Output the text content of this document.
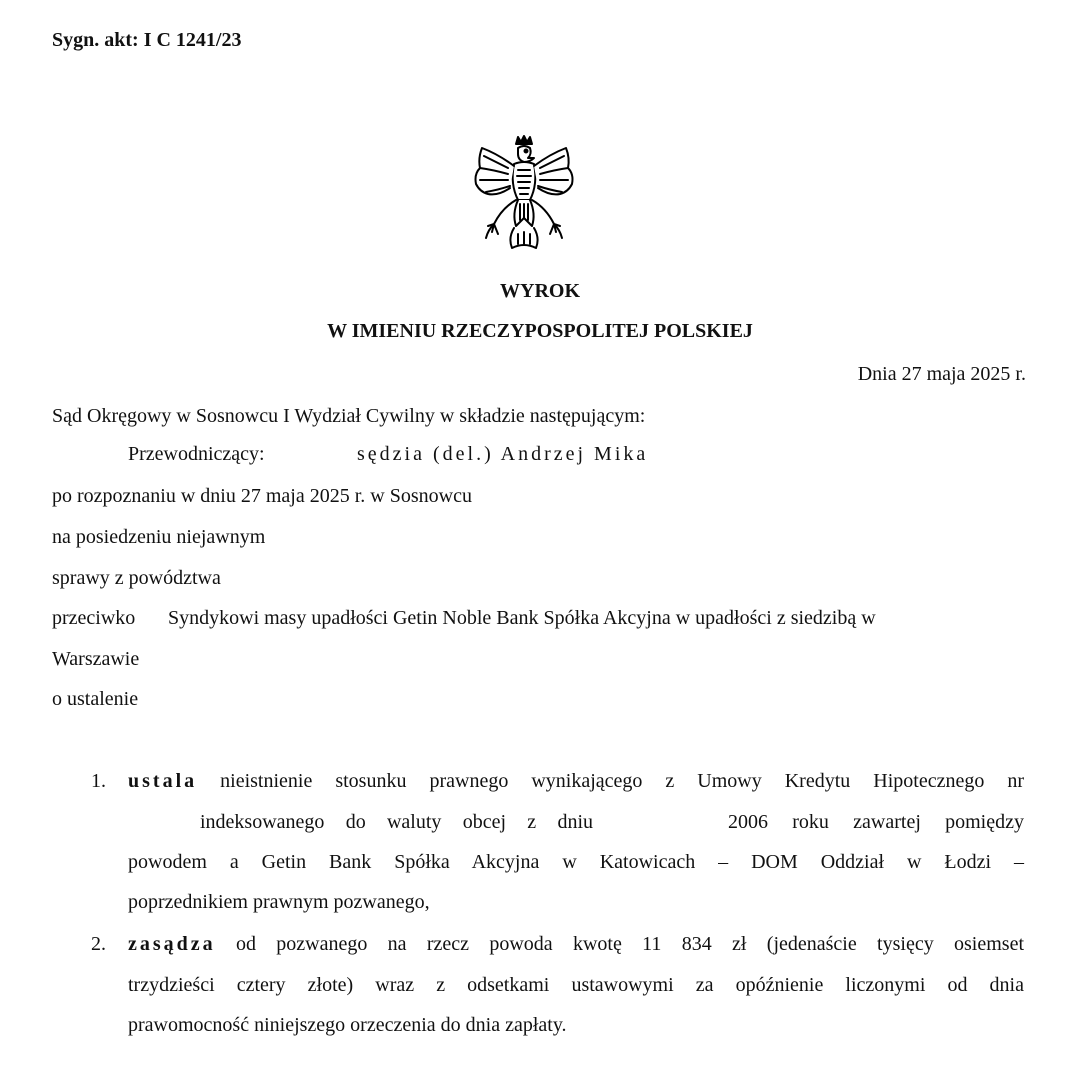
Sygn. akt: I C 1241/23
WYROK
W IMIENIU RZECZYPOSPOLITEJ POLSKIEJ
Dnia 27 maja 2025 r.
Sąd Okręgowy w Sosnowcu I Wydział Cywilny w składzie następującym:
Przewodniczący:	sędzia (del.) Andrzej Mika
po rozpoznaniu w dniu 27 maja 2025 r. w Sosnowcu
na posiedzeniu niejawnym
sprawy z powództwa
przeciwko Syndykowi masy upadłości Getin Noble Bank Spółka Akcyjna w upadłości z siedzibą w
Warszawie
o ustalenie
1. ustala nieistnienie stosunku prawnego wynikającego z Umowy Kredytu Hipotecznego nr
indeksowanego do waluty obcej z dniu	2006 roku zawartej pomiędzy
powodem a Getin Bank Spółka Akcyjna w Katowicach – DOM Oddział w Łodzi –
poprzednikiem prawnym pozwanego,
2. zasądza od pozwanego na rzecz powoda kwotę 11 834 zł (jedenaście tysięcy osiemset
trzydzieści cztery złote) wraz z odsetkami ustawowymi za opóźnienie liczonymi od dnia
prawomocność niniejszego orzeczenia do dnia zapłaty.
